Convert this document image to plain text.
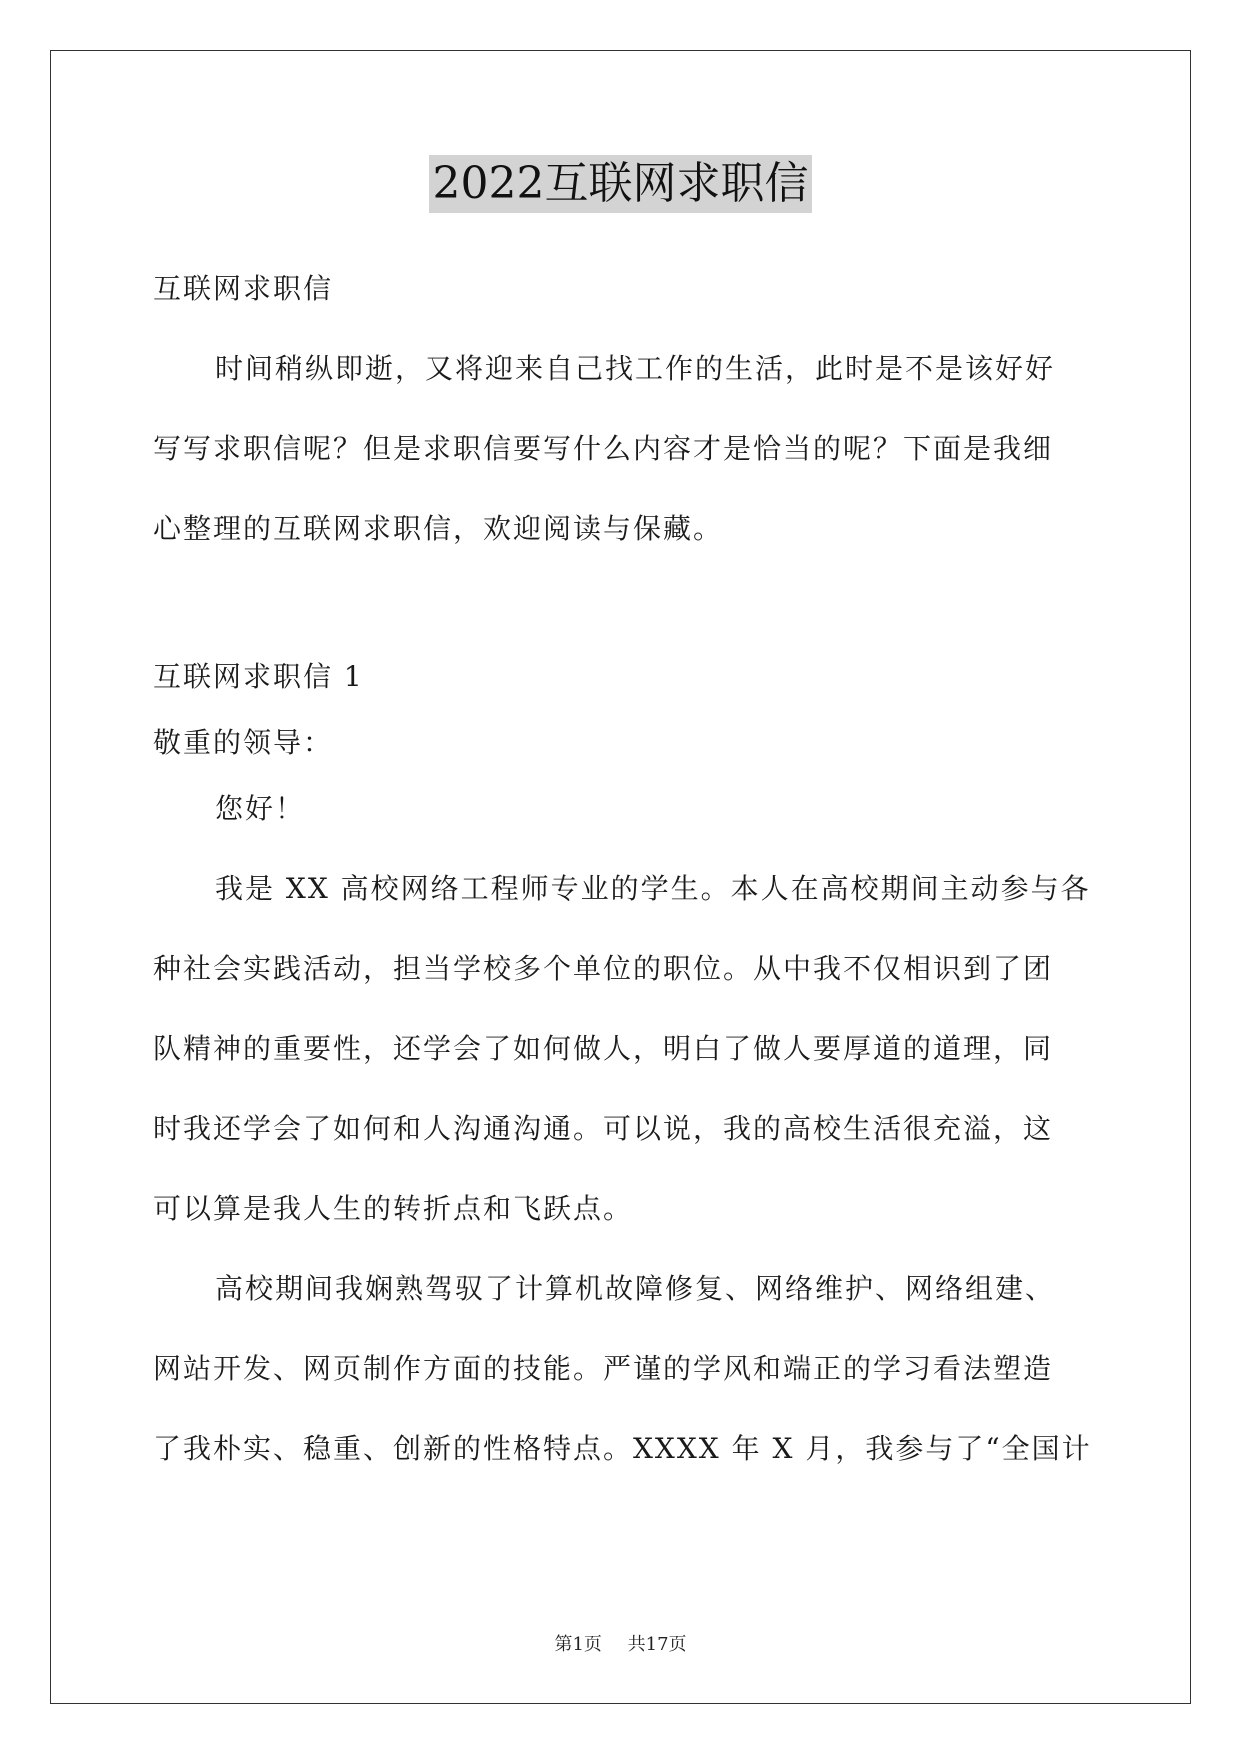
2022互联网求职信
互联网求职信
时间稍纵即逝，又将迎来自己找工作的生活，此时是不是该好好
写写求职信呢？但是求职信要写什么内容才是恰当的呢？下面是我细
心整理的互联网求职信，欢迎阅读与保藏。
互联网求职信 1
敬重的领导：
您好！
我是 XX 高校网络工程师专业的学生。本人在高校期间主动参与各
种社会实践活动，担当学校多个单位的职位。从中我不仅相识到了团
队精神的重要性，还学会了如何做人，明白了做人要厚道的道理，同
时我还学会了如何和人沟通沟通。可以说，我的高校生活很充溢，这
可以算是我人生的转折点和飞跃点。
高校期间我娴熟驾驭了计算机故障修复、网络维护、网络组建、
网站开发、网页制作方面的技能。严谨的学风和端正的学习看法塑造
了我朴实、稳重、创新的性格特点。XXXX 年 X 月，我参与了“全国计
第1页 共17页
